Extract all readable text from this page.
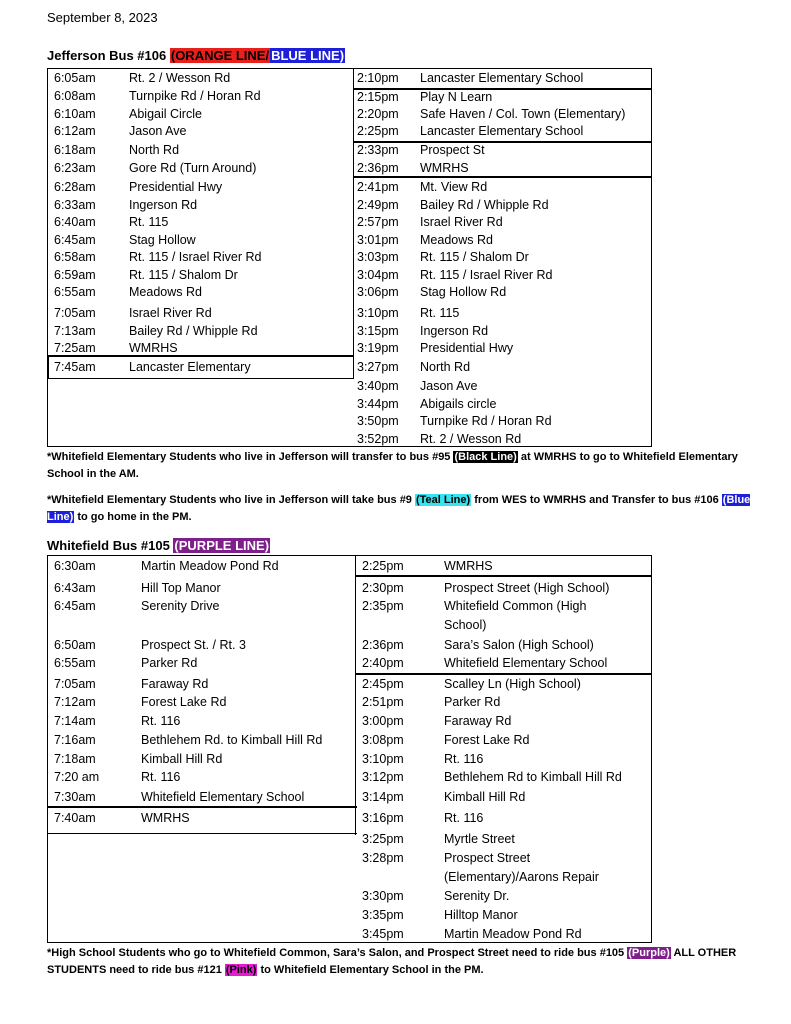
September 8, 2023
Jefferson Bus #106 (ORANGE LINE/ BLUE LINE)
6:05am	Rt. 2 / Wesson Rd
6:08am	Turnpike Rd / Horan Rd
6:10am	Abigail Circle
6:12am	Jason Ave
6:18am	North Rd
6:23am	Gore Rd (Turn Around)
6:28am	Presidential Hwy
6:33am	Ingerson Rd
6:40am	Rt. 115
6:45am	Stag Hollow
6:58am	Rt. 115 / Israel River Rd
6:59am	Rt. 115 / Shalom Dr
6:55am	Meadows Rd
7:05am	Israel River Rd
7:13am	Bailey Rd / Whipple Rd
7:25am	WMRHS
7:45am	Lancaster Elementary
2:10pm Lancaster Elementary School
2:15pm Play N Learn
2:20pm Safe Haven / Col. Town (Elementary)
2:25pm Lancaster Elementary School
2:33pm Prospect St
2:36pm WMRHS
2:41pm Mt. View Rd
2:49pm Bailey Rd / Whipple Rd
2:57pm Israel River Rd
3:01pm Meadows Rd
3:03pm Rt. 115 / Shalom Dr
3:04pm Rt. 115 / Israel River Rd
3:06pm Stag Hollow Rd
3:10pm Rt. 115
3:15pm Ingerson Rd
3:19pm Presidential Hwy
3:27pm North Rd
3:40pm Jason Ave
3:44pm Abigails circle
3:50pm Turnpike Rd / Horan Rd
3:52pm Rt. 2 / Wesson Rd
*Whitefield Elementary Students who live in Jefferson will transfer to bus #95 (Black Line) at WMRHS to go to Whitefield Elementary School in the AM.
*Whitefield Elementary Students who live in Jefferson will take bus #9 (Teal Line) from WES to WMRHS and Transfer to bus #106 (Blue Line) to go home in the PM.
Whitefield Bus #105 (PURPLE LINE)
6:30am	Martin Meadow Pond Rd
6:43am	Hill Top Manor
6:45am	Serenity Drive
6:50am	Prospect St. / Rt. 3
6:55am	Parker Rd
7:05am	Faraway Rd
7:12am	Forest Lake Rd
7:14am	Rt. 116
7:16am	Bethlehem Rd. to Kimball Hill Rd
7:18am	Kimball Hill Rd
7:20 am	Rt. 116
7:30am	Whitefield Elementary School
7:40am	WMRHS
2:25pm	WMRHS
2:30pm	Prospect Street (High School)
2:35pm	Whitefield Common (High
School)
2:36pm	Sara’s Salon (High School)
2:40pm	Whitefield Elementary School
2:45pm	Scalley Ln (High School)
2:51pm	Parker Rd
3:00pm	Faraway Rd
3:08pm	Forest Lake Rd
3:10pm	Rt. 116
3:12pm	Bethlehem Rd to Kimball Hill Rd
3:14pm	Kimball Hill Rd
3:16pm	Rt. 116
3:25pm	Myrtle Street
3:28pm	Prospect Street
(Elementary)/Aarons Repair
3:30pm	Serenity Dr.
3:35pm	Hilltop Manor
3:45pm	Martin Meadow Pond Rd
*High School Students who go to Whitefield Common, Sara’s Salon, and Prospect Street need to ride bus #105 (Purple) ALL OTHER STUDENTS need to ride bus #121 (Pink) to Whitefield Elementary School in the PM.
